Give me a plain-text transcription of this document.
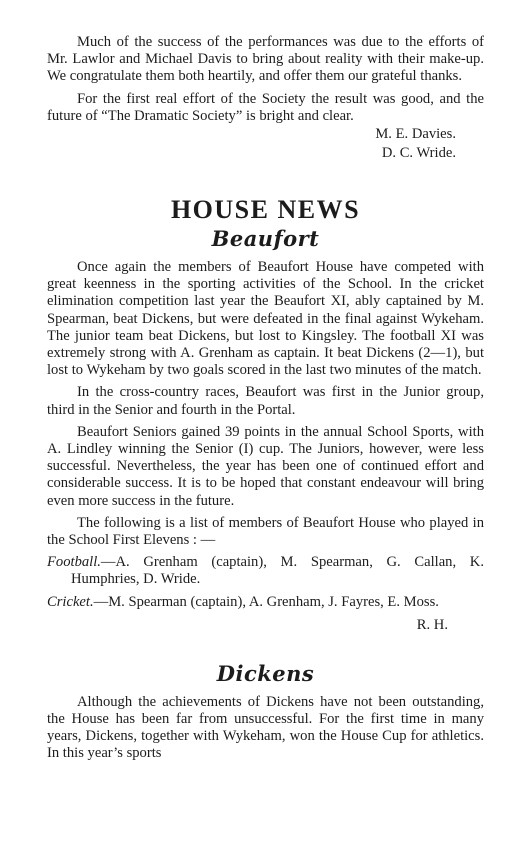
Much of the success of the performances was due to the efforts of Mr. Lawlor and Michael Davis to bring about reality with their make-up. We congratulate them both heartily, and offer them our grateful thanks.

For the first real effort of the Society the result was good, and the future of “The Dramatic Society” is bright and clear.

M. E. Davies.
D. C. Wride.
HOUSE NEWS
Beaufort

Once again the members of Beaufort House have competed with great keenness in the sporting activities of the School. In the cricket elimination competition last year the Beaufort XI, ably captained by M. Spearman, beat Dickens, but were defeated in the final against Wykeham. The junior team beat Dickens, but lost to Kingsley. The football XI was extremely strong with A. Grenham as captain. It beat Dickens (2—1), but lost to Wykeham by two goals scored in the last two minutes of the match.

In the cross-country races, Beaufort was first in the Junior group, third in the Senior and fourth in the Portal.

Beaufort Seniors gained 39 points in the annual School Sports, with A. Lindley winning the Senior (I) cup. The Juniors, however, were less successful. Nevertheless, the year has been one of continued effort and considerable success. It is to be hoped that constant endeavour will bring even more success in the future.

The following is a list of members of Beaufort House who played in the School First Elevens : —

Football.—A. Grenham (captain), M. Spearman, G. Callan, K. Humphries, D. Wride.

Cricket.—M. Spearman (captain), A. Grenham, J. Fayres, E. Moss.

R. H.
Dickens

Although the achievements of Dickens have not been outstanding, the House has been far from unsuccessful. For the first time in many years, Dickens, together with Wykeham, won the House Cup for athletics. In this year’s sports
